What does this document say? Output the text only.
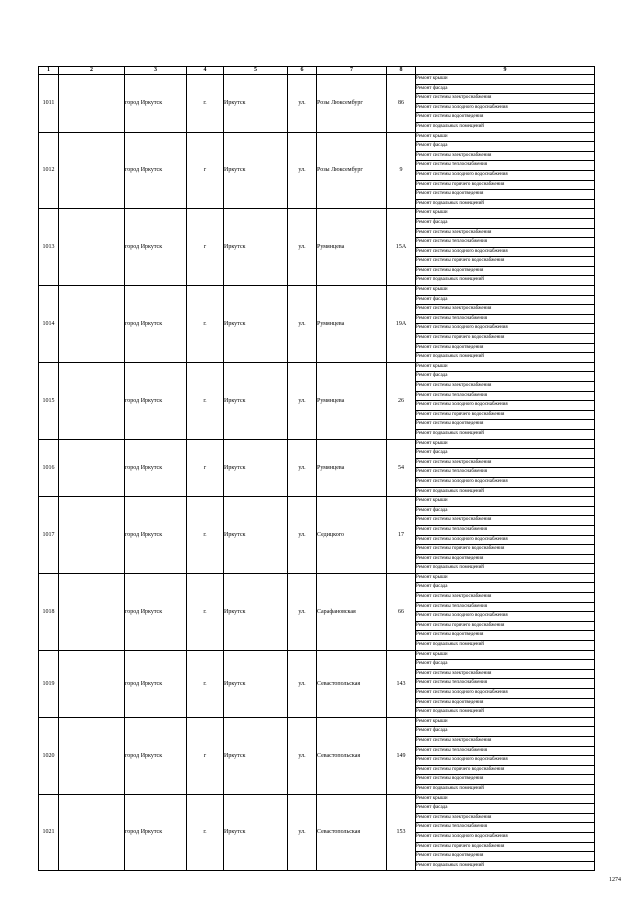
1	2	3	4	5	6	7	8	9
1011		город Иркутск	г.	Иркутск	ул.	Розы Люксембург	86	Ремонт крыши
								Ремонт фасада
								Ремонт системы электроснабжения
								Ремонт системы холодного водоснабжения
								Ремонт системы водоотведения
								Ремонт подвальных помещений
1012		город Иркутск	г	Иркутск	ул.	Розы Люксембург	9	Ремонт крыши
								Ремонт фасада
								Ремонт системы электроснабжения
								Ремонт системы теплоснабжения
								Ремонт системы холодного водоснабжения
								Ремонт системы горячего водоснабжения
								Ремонт системы водоотведения
								Ремонт подвальных помещений
1013		город Иркутск	г	Иркутск	ул.	Румянцева	15А	Ремонт крыши
								Ремонт фасада
								Ремонт системы электроснабжения
								Ремонт системы теплоснабжения
								Ремонт системы холодного водоснабжения
								Ремонт системы горячего водоснабжения
								Ремонт системы водоотведения
								Ремонт подвальных помещений
1014		город Иркутск	г.	Иркутск	ул.	Румянцева	19А	Ремонт крыши
								Ремонт фасада
								Ремонт системы электроснабжения
								Ремонт системы теплоснабжения
								Ремонт системы холодного водоснабжения
								Ремонт системы горячего водоснабжения
								Ремонт системы водоотведения
								Ремонт подвальных помещений
1015		город Иркутск	г.	Иркутск	ул.	Румянцева	26	Ремонт крыши
								Ремонт фасада
								Ремонт системы электроснабжения
								Ремонт системы теплоснабжения
								Ремонт системы холодного водоснабжения
								Ремонт системы горячего водоснабжения
								Ремонт системы водоотведения
								Ремонт подвальных помещений
1016		город Иркутск	г	Иркутск	ул.	Румянцева	54	Ремонт крыши
								Ремонт фасада
								Ремонт системы электроснабжения
								Ремонт системы теплоснабжения
								Ремонт системы холодного водоснабжения
								Ремонт подвальных помещений
1017		город Иркутск	г.	Иркутск	ул.	Седицкого	17	Ремонт крыши
								Ремонт фасада
								Ремонт системы электроснабжения
								Ремонт системы теплоснабжения
								Ремонт системы холодного водоснабжения
								Ремонт системы горячего водоснабжения
								Ремонт системы водоотведения
								Ремонт подвальных помещений
1018		город Иркутск	г.	Иркутск	ул.	Сарафановская	66	Ремонт крыши
								Ремонт фасада
								Ремонт системы электроснабжения
								Ремонт системы теплоснабжения
								Ремонт системы холодного водоснабжения
								Ремонт системы горячего водоснабжения
								Ремонт системы водоотведения
								Ремонт подвальных помещений
1019		город Иркутск	г.	Иркутск	ул.	Севастопольская	143	Ремонт крыши
								Ремонт фасада
								Ремонт системы электроснабжения
								Ремонт системы теплоснабжения
								Ремонт системы холодного водоснабжения
								Ремонт системы водоотведения
								Ремонт подвальных помещений
1020		город Иркутск	г	Иркутск	ул.	Севастопольская	149	Ремонт крыши
								Ремонт фасада
								Ремонт системы электроснабжения
								Ремонт системы теплоснабжения
								Ремонт системы холодного водоснабжения
								Ремонт системы горячего водоснабжения
								Ремонт системы водоотведения
								Ремонт подвальных помещений
1021		город Иркутск	г.	Иркутск	ул.	Севастопольская	153	Ремонт крыши
								Ремонт фасада
								Ремонт системы электроснабжения
								Ремонт системы теплоснабжения
								Ремонт системы холодного водоснабжения
								Ремонт системы горячего водоснабжения
								Ремонт системы водоотведения
								Ремонт подвальных помещений
1274
